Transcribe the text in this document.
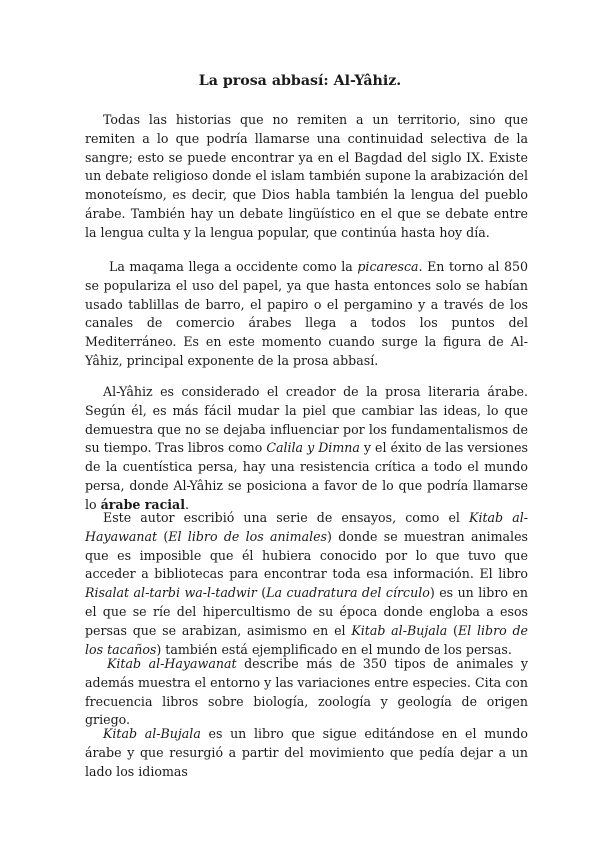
La prosa abbasí: Al-Yâhiz.

Todas las historias que no remiten a un territorio, sino que remiten a lo que podría llamarse una continuidad selectiva de la sangre; esto se puede encontrar ya en el Bagdad del siglo IX. Existe un debate religioso donde el islam también supone la arabización del monoteísmo, es decir, que Dios habla también la lengua del pueblo árabe. También hay un debate lingüístico en el que se debate entre la lengua culta y la lengua popular, que continúa hasta hoy día.

La maqama llega a occidente como la picaresca. En torno al 850 se populariza el uso del papel, ya que hasta entonces solo se habían usado tablillas de barro, el papiro o el pergamino y a través de los canales de comercio árabes llega a todos los puntos del Mediterráneo. Es en este momento cuando surge la figura de Al-Yâhiz, principal exponente de la prosa abbasí.

Al-Yâhiz es considerado el creador de la prosa literaria árabe. Según él, es más fácil mudar la piel que cambiar las ideas, lo que demuestra que no se dejaba influenciar por los fundamentalismos de su tiempo. Tras libros como Calila y Dimna y el éxito de las versiones de la cuentística persa, hay una resistencia crítica a todo el mundo persa, donde Al-Yâhiz se posiciona a favor de lo que podría llamarse lo árabe racial.

Este autor escribió una serie de ensayos, como el Kitab al-Hayawanat (El libro de los animales) donde se muestran animales que es imposible que él hubiera conocido por lo que tuvo que acceder a bibliotecas para encontrar toda esa información. El libro Risalat al-tarbi wa-l-tadwir (La cuadratura del círculo) es un libro en el que se ríe del hipercultismo de su época donde engloba a esos persas que se arabizan, asimismo en el Kitab al-Bujala (El libro de los tacaños) también está ejemplificado en el mundo de los persas.

Kitab al-Hayawanat describe más de 350 tipos de animales y además muestra el entorno y las variaciones entre especies. Cita con frecuencia libros sobre biología, zoología y geología de origen griego.

Kitab al-Bujala es un libro que sigue editándose en el mundo árabe y que resurgió a partir del movimiento que pedía dejar a un lado los idiomas
